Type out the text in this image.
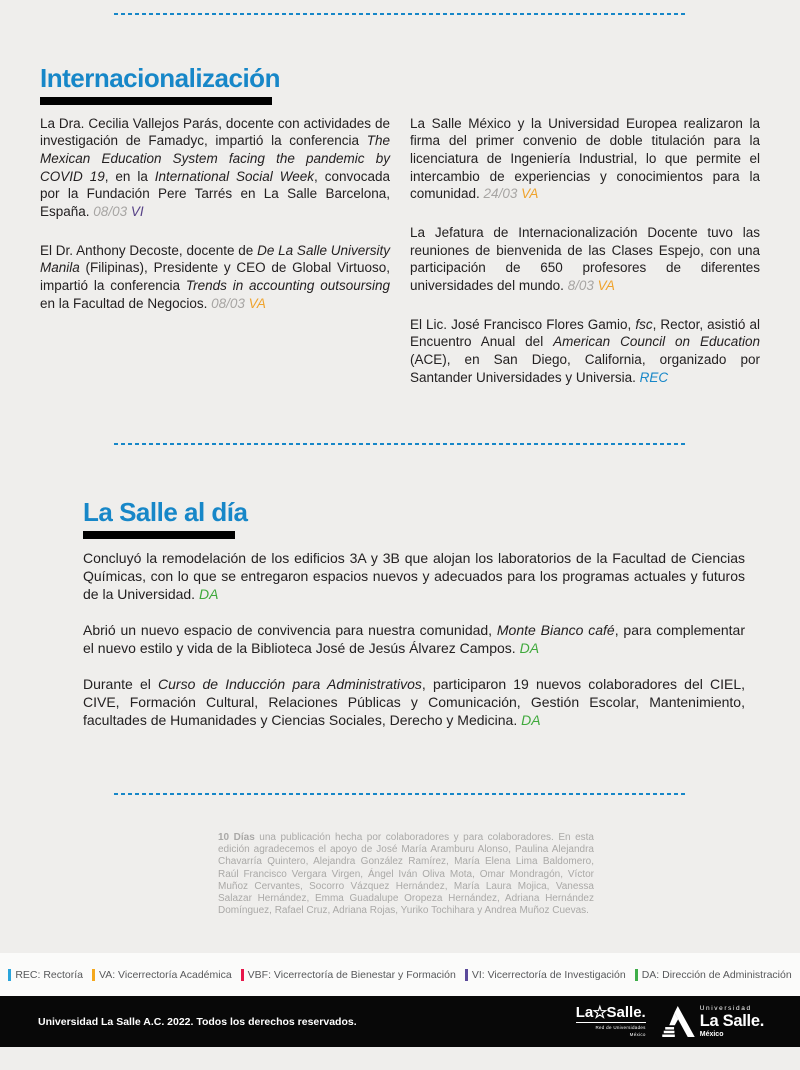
Internacionalización

La Dra. Cecilia Vallejos Parás, docente con actividades de investigación de Famadyc, impartió la conferencia The Mexican Education System facing the pandemic by COVID 19, en la International Social Week, convocada por la Fundación Pere Tarrés en La Salle Barcelona, España. 08/03 VI

El Dr. Anthony Decoste, docente de De La Salle University Manila (Filipinas), Presidente y CEO de Global Virtuoso, impartió la conferencia Trends in accounting outsoursing en la Facultad de Negocios. 08/03 VA

La Salle México y la Universidad Europea realizaron la firma del primer convenio de doble titulación para la licenciatura de Ingeniería Industrial, lo que permite el intercambio de experiencias y conocimientos para la comunidad. 24/03 VA

La Jefatura de Internacionalización Docente tuvo las reuniones de bienvenida de las Clases Espejo, con una participación de 650 profesores de diferentes universidades del mundo. 8/03 VA

El Lic. José Francisco Flores Gamio, fsc, Rector, asistió al Encuentro Anual del American Council on Education (ACE), en San Diego, California, organizado por Santander Universidades y Universia. REC

La Salle al día

Concluyó la remodelación de los edificios 3A y 3B que alojan los laboratorios de la Facultad de Ciencias Químicas, con lo que se entregaron espacios nuevos y adecuados para los programas actuales y futuros de la Universidad. DA

Abrió un nuevo espacio de convivencia para nuestra comunidad, Monte Bianco café, para complementar el nuevo estilo y vida de la Biblioteca José de Jesús Álvarez Campos. DA

Durante el Curso de Inducción para Administrativos, participaron 19 nuevos colaboradores del CIEL, CIVE, Formación Cultural, Relaciones Públicas y Comunicación, Gestión Escolar, Mantenimiento, facultades de Humanidades y Ciencias Sociales, Derecho y Medicina. DA

10 Días una publicación hecha por colaboradores y para colaboradores. En esta edición agradecemos el apoyo de José María Aramburu Alonso, Paulina Alejandra Chavarría Quintero, Alejandra González Ramírez, María Elena Lima Baldomero, Raúl Francisco Vergara Virgen, Ángel Iván Oliva Mota, Omar Mondragón, Víctor Muñoz Cervantes, Socorro Vázquez Hernández, María Laura Mojica, Vanessa Salazar Hernández, Emma Guadalupe Oropeza Hernández, Adriana Hernández Domínguez, Rafael Cruz, Adriana Rojas, Yuriko Tochihara y Andrea Muñoz Cuevas.

REC: Rectoría VA: Vicerrectoría Académica VBF: Vicerrectoría de Bienestar y Formación VI: Vicerrectoría de Investigación DA: Dirección de Administración
Universidad La Salle A.C. 2022. Todos los derechos reservados.
La ☆ Salle.
Red de Universidades
México
Universidad
La Salle.
México
